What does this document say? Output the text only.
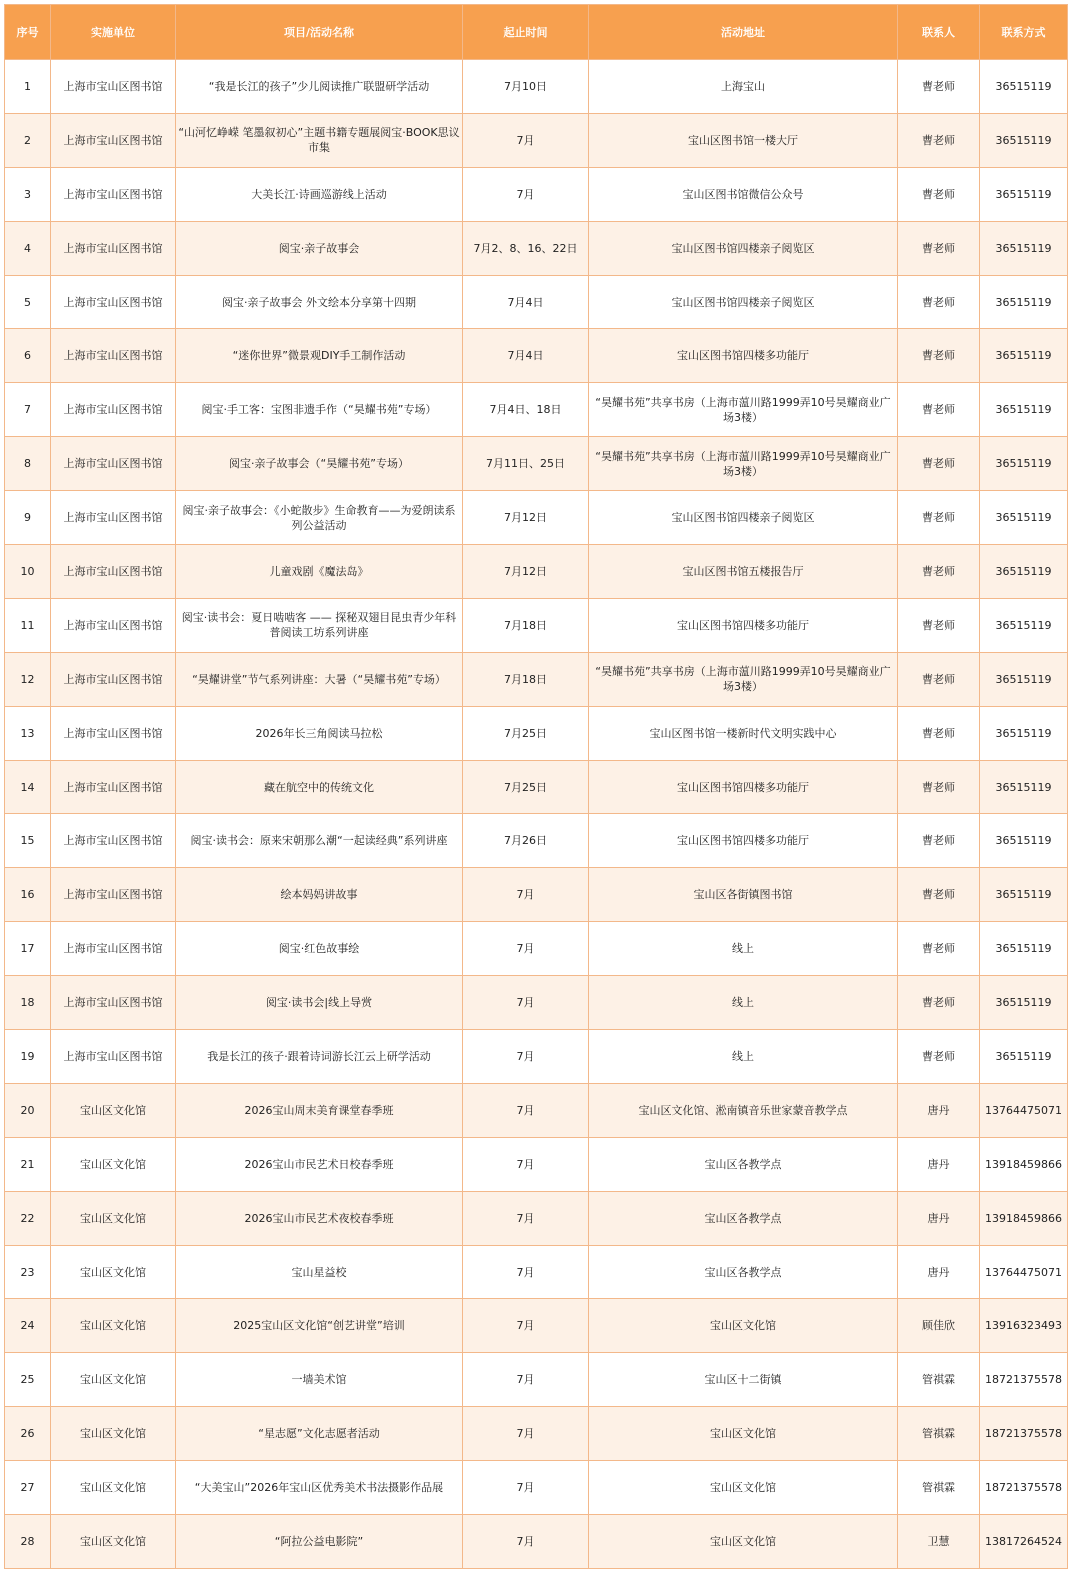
序号	实施单位	项目/活动名称	起止时间	活动地址	联系人	联系方式
1	上海市宝山区图书馆	“我是长江的孩子”少儿阅读推广联盟研学活动	7月10日	上海宝山	曹老师	36515119
2	上海市宝山区图书馆	“山河忆峥嵘 笔墨叙初心”主题书籍专题展阅宝·BOOK思议市集	7月	宝山区图书馆一楼大厅	曹老师	36515119
3	上海市宝山区图书馆	大美长江·诗画巡游线上活动	7月	宝山区图书馆微信公众号	曹老师	36515119
4	上海市宝山区图书馆	阅宝·亲子故事会	7月2、8、16、22日	宝山区图书馆四楼亲子阅览区	曹老师	36515119
5	上海市宝山区图书馆	阅宝·亲子故事会 外文绘本分享第十四期	7月4日	宝山区图书馆四楼亲子阅览区	曹老师	36515119
6	上海市宝山区图书馆	“迷你世界”微景观DIY手工制作活动	7月4日	宝山区图书馆四楼多功能厅	曹老师	36515119
7	上海市宝山区图书馆	阅宝·手工客：宝图非遗手作（“昊耀书苑”专场）	7月4日、18日	“昊耀书苑”共享书房（上海市蕰川路1999弄10号昊耀商业广场3楼）	曹老师	36515119
8	上海市宝山区图书馆	阅宝·亲子故事会（“昊耀书苑”专场）	7月11日、25日	“昊耀书苑”共享书房（上海市蕰川路1999弄10号昊耀商业广场3楼）	曹老师	36515119
9	上海市宝山区图书馆	阅宝·亲子故事会：《小蛇散步》生命教育——为爱朗读系列公益活动	7月12日	宝山区图书馆四楼亲子阅览区	曹老师	36515119
10	上海市宝山区图书馆	儿童戏剧《魔法岛》	7月12日	宝山区图书馆五楼报告厅	曹老师	36515119
11	上海市宝山区图书馆	阅宝·读书会：夏日啮啮客 —— 探秘双翅目昆虫青少年科普阅读工坊系列讲座	7月18日	宝山区图书馆四楼多功能厅	曹老师	36515119
12	上海市宝山区图书馆	“昊耀讲堂”节气系列讲座：大暑（“昊耀书苑”专场）	7月18日	“昊耀书苑”共享书房（上海市蕰川路1999弄10号昊耀商业广场3楼）	曹老师	36515119
13	上海市宝山区图书馆	2026年长三角阅读马拉松	7月25日	宝山区图书馆一楼新时代文明实践中心	曹老师	36515119
14	上海市宝山区图书馆	藏在航空中的传统文化	7月25日	宝山区图书馆四楼多功能厅	曹老师	36515119
15	上海市宝山区图书馆	阅宝·读书会：原来宋朝那么潮“一起读经典”系列讲座	7月26日	宝山区图书馆四楼多功能厅	曹老师	36515119
16	上海市宝山区图书馆	绘本妈妈讲故事	7月	宝山区各街镇图书馆	曹老师	36515119
17	上海市宝山区图书馆	阅宝·红色故事绘	7月	线上	曹老师	36515119
18	上海市宝山区图书馆	阅宝·读书会|线上导赏	7月	线上	曹老师	36515119
19	上海市宝山区图书馆	我是长江的孩子·跟着诗词游长江云上研学活动	7月	线上	曹老师	36515119
20	宝山区文化馆	2026宝山周末美育课堂春季班	7月	宝山区文化馆、淞南镇音乐世家蒙音教学点	唐丹	13764475071
21	宝山区文化馆	2026宝山市民艺术日校春季班	7月	宝山区各教学点	唐丹	13918459866
22	宝山区文化馆	2026宝山市民艺术夜校春季班	7月	宝山区各教学点	唐丹	13918459866
23	宝山区文化馆	宝山星益校	7月	宝山区各教学点	唐丹	13764475071
24	宝山区文化馆	2025宝山区文化馆“创艺讲堂”培训	7月	宝山区文化馆	顾佳欣	13916323493
25	宝山区文化馆	一墙美术馆	7月	宝山区十二街镇	管祺霖	18721375578
26	宝山区文化馆	“星志愿”文化志愿者活动	7月	宝山区文化馆	管祺霖	18721375578
27	宝山区文化馆	“大美宝山”2026年宝山区优秀美术书法摄影作品展	7月	宝山区文化馆	管祺霖	18721375578
28	宝山区文化馆	“阿拉公益电影院”	7月	宝山区文化馆	卫慧	13817264524
